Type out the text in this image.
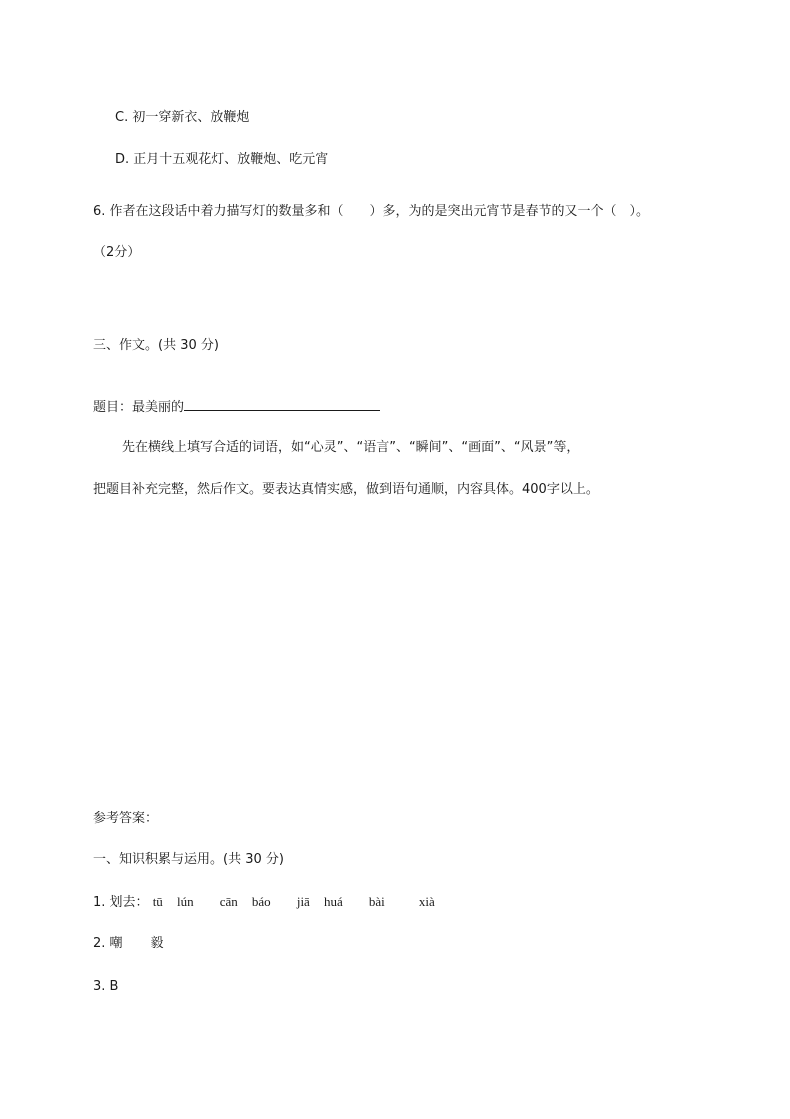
C. 初一穿新衣、放鞭炮
D. 正月十五观花灯、放鞭炮、吃元宵
6. 作者在这段话中着力描写灯的数量多和（　　）多，为的是突出元宵节是春节的又一个（　）。
（2分）
三、作文。(共 30 分)
题目：最美丽的
先在横线上填写合适的词语，如“心灵”、“语言”、“瞬间”、“画面”、“风景”等，
把题目补充完整，然后作文。要表达真情实感，做到语句通顺，内容具体。400字以上。
参考答案：
一、知识积累与运用。(共 30 分)
1. 划去： tū lún cān báo jiā huá bài	xià
2. 嘲 毅
3. B
